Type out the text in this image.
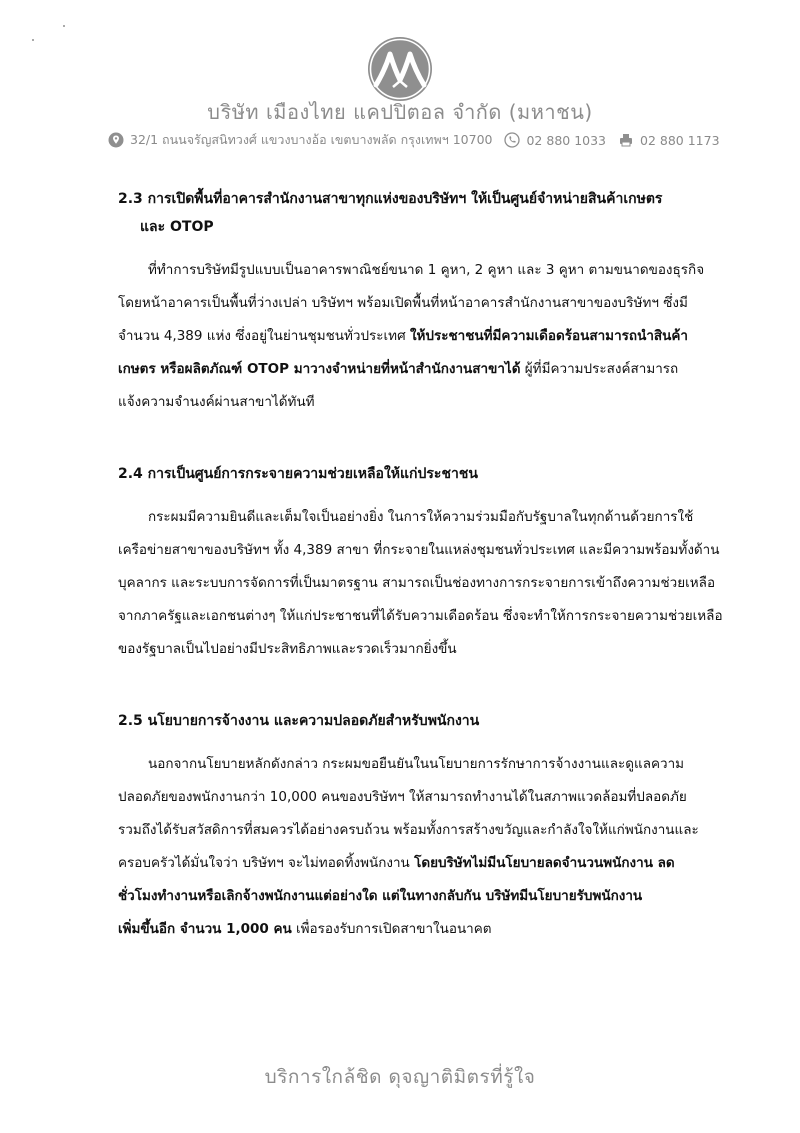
บริษัท เมืองไทย แคปปิตอล จำกัด (มหาชน)
32/1 ถนนจรัญสนิทวงศ์ แขวงบางอ้อ เขตบางพลัด กรุงเทพฯ 10700	02 880 1033	02 880 1173
2.3 การเปิดพื้นที่อาคารสำนักงานสาขาทุกแห่งของบริษัทฯ ให้เป็นศูนย์จำหน่ายสินค้าเกษตร
และ OTOP
ที่ทำการบริษัทมีรูปแบบเป็นอาคารพาณิชย์ขนาด 1 คูหา, 2 คูหา และ 3 คูหา ตามขนาดของธุรกิจ
โดยหน้าอาคารเป็นพื้นที่ว่างเปล่า บริษัทฯ พร้อมเปิดพื้นที่หน้าอาคารสำนักงานสาขาของบริษัทฯ ซึ่งมี
จำนวน 4,389 แห่ง ซึ่งอยู่ในย่านชุมชนทั่วประเทศ ให้ประชาชนที่มีความเดือดร้อนสามารถนำสินค้า
เกษตร หรือผลิตภัณฑ์ OTOP มาวางจำหน่ายที่หน้าสำนักงานสาขาได้ ผู้ที่มีความประสงค์สามารถ
แจ้งความจำนงค์ผ่านสาขาได้ทันที
2.4 การเป็นศูนย์การกระจายความช่วยเหลือให้แก่ประชาชน
กระผมมีความยินดีและเต็มใจเป็นอย่างยิ่ง ในการให้ความร่วมมือกับรัฐบาลในทุกด้านด้วยการใช้
เครือข่ายสาขาของบริษัทฯ ทั้ง 4,389 สาขา ที่กระจายในแหล่งชุมชนทั่วประเทศ และมีความพร้อมทั้งด้าน
บุคลากร และระบบการจัดการที่เป็นมาตรฐาน สามารถเป็นช่องทางการกระจายการเข้าถึงความช่วยเหลือ
จากภาครัฐและเอกชนต่างๆ ให้แก่ประชาชนที่ได้รับความเดือดร้อน ซึ่งจะทำให้การกระจายความช่วยเหลือ
ของรัฐบาลเป็นไปอย่างมีประสิทธิภาพและรวดเร็วมากยิ่งขึ้น
2.5 นโยบายการจ้างงาน และความปลอดภัยสำหรับพนักงาน
นอกจากนโยบายหลักดังกล่าว กระผมขอยืนยันในนโยบายการรักษาการจ้างงานและดูแลความ
ปลอดภัยของพนักงานกว่า 10,000 คนของบริษัทฯ ให้สามารถทำงานได้ในสภาพแวดล้อมที่ปลอดภัย
รวมถึงได้รับสวัสดิการที่สมควรได้อย่างครบถ้วน พร้อมทั้งการสร้างขวัญและกำลังใจให้แก่พนักงานและ
ครอบครัวได้มั่นใจว่า บริษัทฯ จะไม่ทอดทิ้งพนักงาน โดยบริษัทไม่มีนโยบายลดจำนวนพนักงาน ลด
ชั่วโมงทำงานหรือเลิกจ้างพนักงานแต่อย่างใด แต่ในทางกลับกัน บริษัทมีนโยบายรับพนักงาน
เพิ่มขึ้นอีก จำนวน 1,000 คน เพื่อรองรับการเปิดสาขาในอนาคต
บริการใกล้ชิด ดุจญาติมิตรที่รู้ใจ
